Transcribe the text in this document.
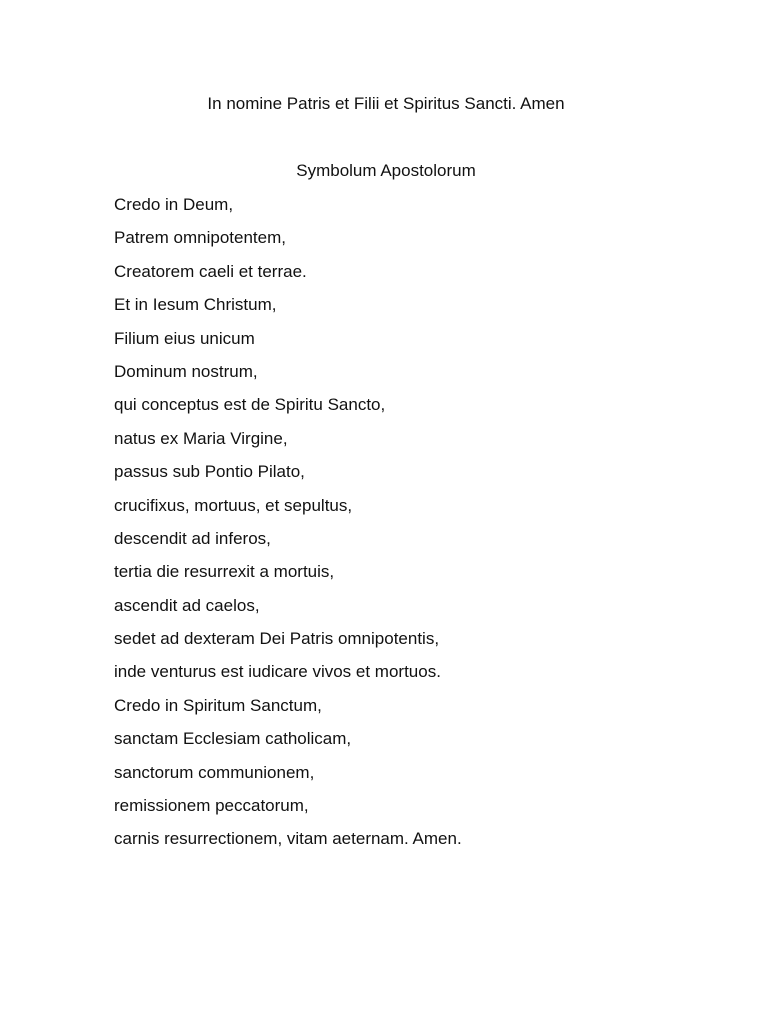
In nomine Patris et Filii et Spiritus Sancti. Amen

Symbolum Apostolorum
Credo in Deum,
Patrem omnipotentem,
Creatorem caeli et terrae.
Et in Iesum Christum,
Filium eius unicum
Dominum nostrum,
qui conceptus est de Spiritu Sancto,
natus ex Maria Virgine,
passus sub Pontio Pilato,
crucifixus, mortuus, et sepultus,
descendit ad inferos,
tertia die resurrexit a mortuis,
ascendit ad caelos,
sedet ad dexteram Dei Patris omnipotentis,
inde venturus est iudicare vivos et mortuos.
Credo in Spiritum Sanctum,
sanctam Ecclesiam catholicam,
sanctorum communionem,
remissionem peccatorum,
carnis resurrectionem, vitam aeternam. Amen.
